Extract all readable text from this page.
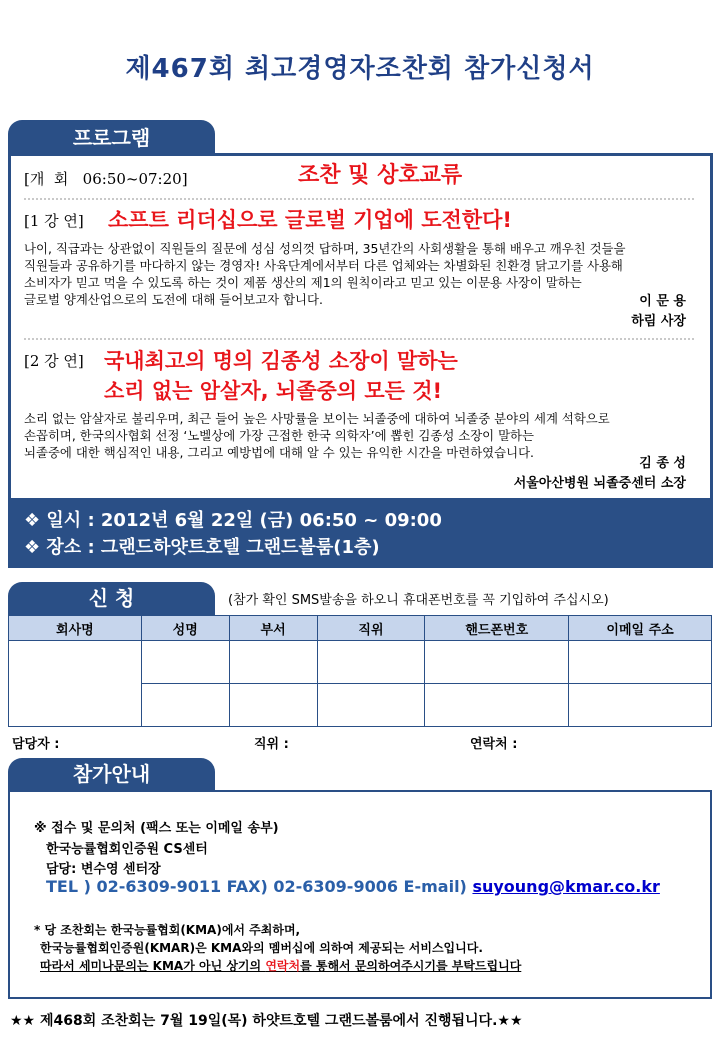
제467회 최고경영자조찬회 참가신청서
프로그램
[개  회   06:50~07:20]	조찬 및 상호교류
[1 강 연] 소프트 리더십으로 글로벌 기업에 도전한다!
나이, 직급과는 상관없이 직원들의 질문에 성심 성의껏 답하며, 35년간의 사회생활을 통해 배우고 깨우친 것들을
직원들과 공유하기를 마다하지 않는 경영자! 사육단계에서부터 다른 업체와는 차별화된 친환경 닭고기를 사용해
소비자가 믿고 먹을 수 있도록 하는 것이 제품 생산의 제1의 원칙이라고 믿고 있는 이문용 사장이 말하는
글로벌 양계산업으로의 도전에 대해 들어보고자 합니다.	이 문 용
하림 사장
[2 강 연] 국내최고의 명의 김종성 소장이 말하는
소리 없는 암살자, 뇌졸중의 모든 것!
소리 없는 암살자로 불리우며, 최근 들어 높은 사망률을 보이는 뇌졸중에 대하여 뇌졸중 분야의 세계 석학으로
손꼽히며, 한국의사협회 선정 ‘노벨상에 가장 근접한 한국 의학자’에 뽑힌 김종성 소장이 말하는
뇌졸중에 대한 핵심적인 내용, 그리고 예방법에 대해 알 수 있는 유익한 시간을 마련하였습니다.
김 종 성
서울아산병원 뇌졸중센터 소장
❖ 일시 : 2012년 6월 22일 (금) 06:50 ~ 09:00
❖ 장소 : 그랜드하얏트호텔 그랜드볼룸(1층)
신 청	(참가 확인 SMS발송을 하오니 휴대폰번호를 꼭 기입하여 주십시오)
회사명	성명	부서	직위	핸드폰번호	이메일 주소

담당자 :	직위 :	연락처 :
참가안내
※ 접수 및 문의처 (팩스 또는 이메일 송부)
한국능률협회인증원 CS센터
담당: 변수영 센터장
TEL ) 02-6309-9011 FAX) 02-6309-9006 E-mail) suyoung@kmar.co.kr
* 당 조찬회는 한국능률협회(KMA)에서 주최하며,
한국능률협회인증원(KMAR)은 KMA와의 멤버십에 의하여 제공되는 서비스입니다.
따라서 세미나문의는 KMA가 아닌 상기의 연락처를 통해서 문의하여주시기를 부탁드립니다
★★ 제468회 조찬회는 7월 19일(목) 하얏트호텔 그랜드볼룸에서 진행됩니다.★★
